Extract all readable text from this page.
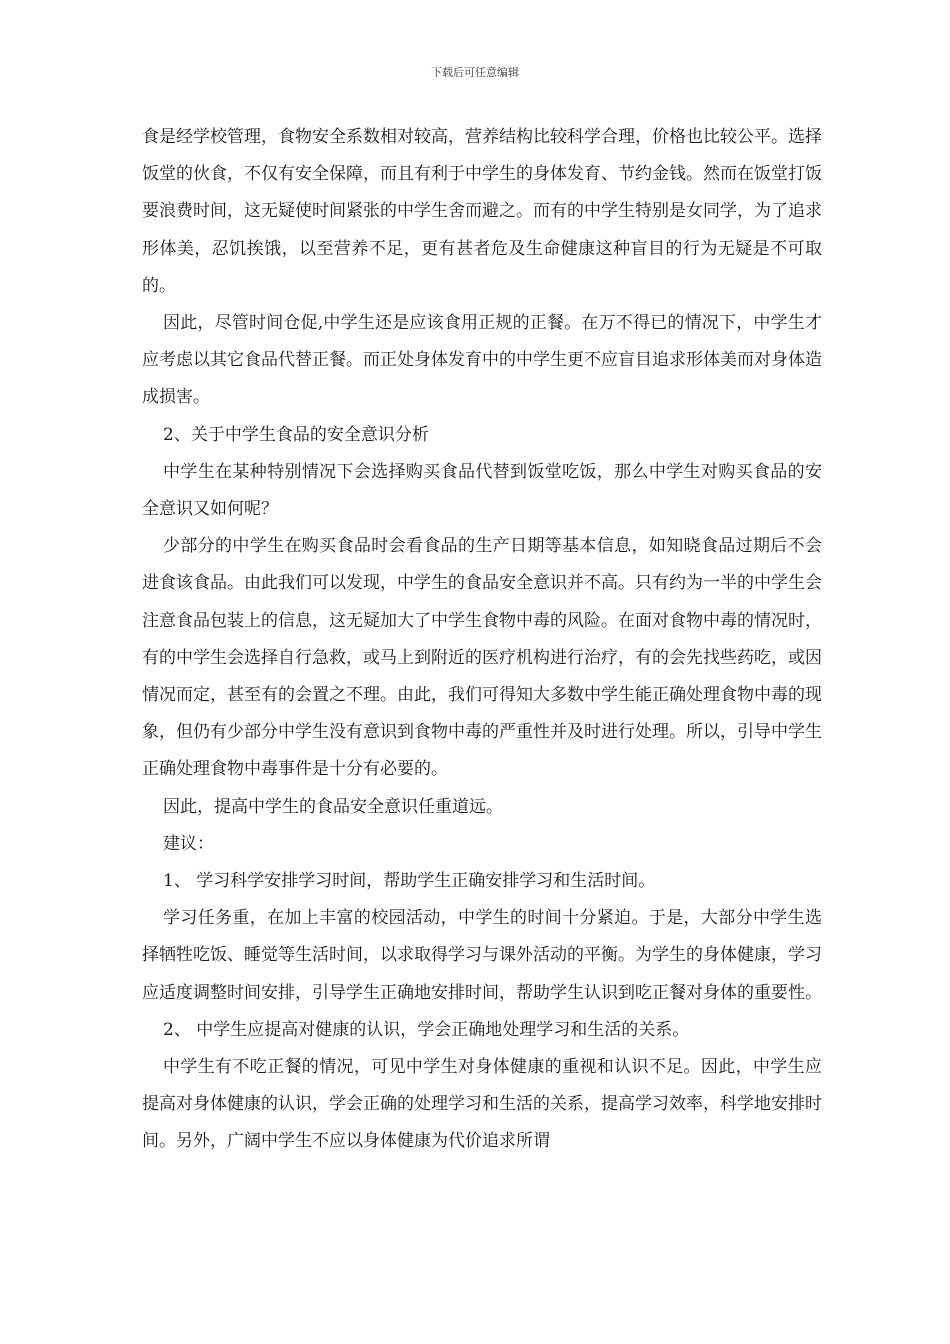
下载后可任意编辑

食是经学校管理，食物安全系数相对较高，营养结构比较科学合理，价格也比较公平。选择饭堂的伙食，不仅有安全保障，而且有利于中学生的身体发育、节约金钱。然而在饭堂打饭要浪费时间，这无疑使时间紧张的中学生舍而避之。而有的中学生特别是女同学，为了追求形体美，忍饥挨饿，以至营养不足，更有甚者危及生命健康这种盲目的行为无疑是不可取的。

因此，尽管时间仓促,中学生还是应该食用正规的正餐。在万不得已的情况下，中学生才应考虑以其它食品代替正餐。而正处身体发育中的中学生更不应盲目追求形体美而对身体造成损害。

2、关于中学生食品的安全意识分析

中学生在某种特别情况下会选择购买食品代替到饭堂吃饭，那么中学生对购买食品的安全意识又如何呢？

少部分的中学生在购买食品时会看食品的生产日期等基本信息，如知晓食品过期后不会进食该食品。由此我们可以发现，中学生的食品安全意识并不高。只有约为一半的中学生会注意食品包装上的信息，这无疑加大了中学生食物中毒的风险。在面对食物中毒的情况时，有的中学生会选择自行急救，或马上到附近的医疗机构进行治疗，有的会先找些药吃，或因情况而定，甚至有的会置之不理。由此，我们可得知大多数中学生能正确处理食物中毒的现象，但仍有少部分中学生没有意识到食物中毒的严重性并及时进行处理。所以，引导中学生正确处理食物中毒事件是十分有必要的。

因此，提高中学生的食品安全意识任重道远。

建议：

1、 学习科学安排学习时间，帮助学生正确安排学习和生活时间。

学习任务重，在加上丰富的校园活动，中学生的时间十分紧迫。于是，大部分中学生选择牺牲吃饭、睡觉等生活时间，以求取得学习与课外活动的平衡。为学生的身体健康，学习应适度调整时间安排，引导学生正确地安排时间，帮助学生认识到吃正餐对身体的重要性。

2、 中学生应提高对健康的认识，学会正确地处理学习和生活的关系。

中学生有不吃正餐的情况，可见中学生对身体健康的重视和认识不足。因此，中学生应提高对身体健康的认识，学会正确的处理学习和生活的关系，提高学习效率，科学地安排时间。另外，广阔中学生不应以身体健康为代价追求所谓
